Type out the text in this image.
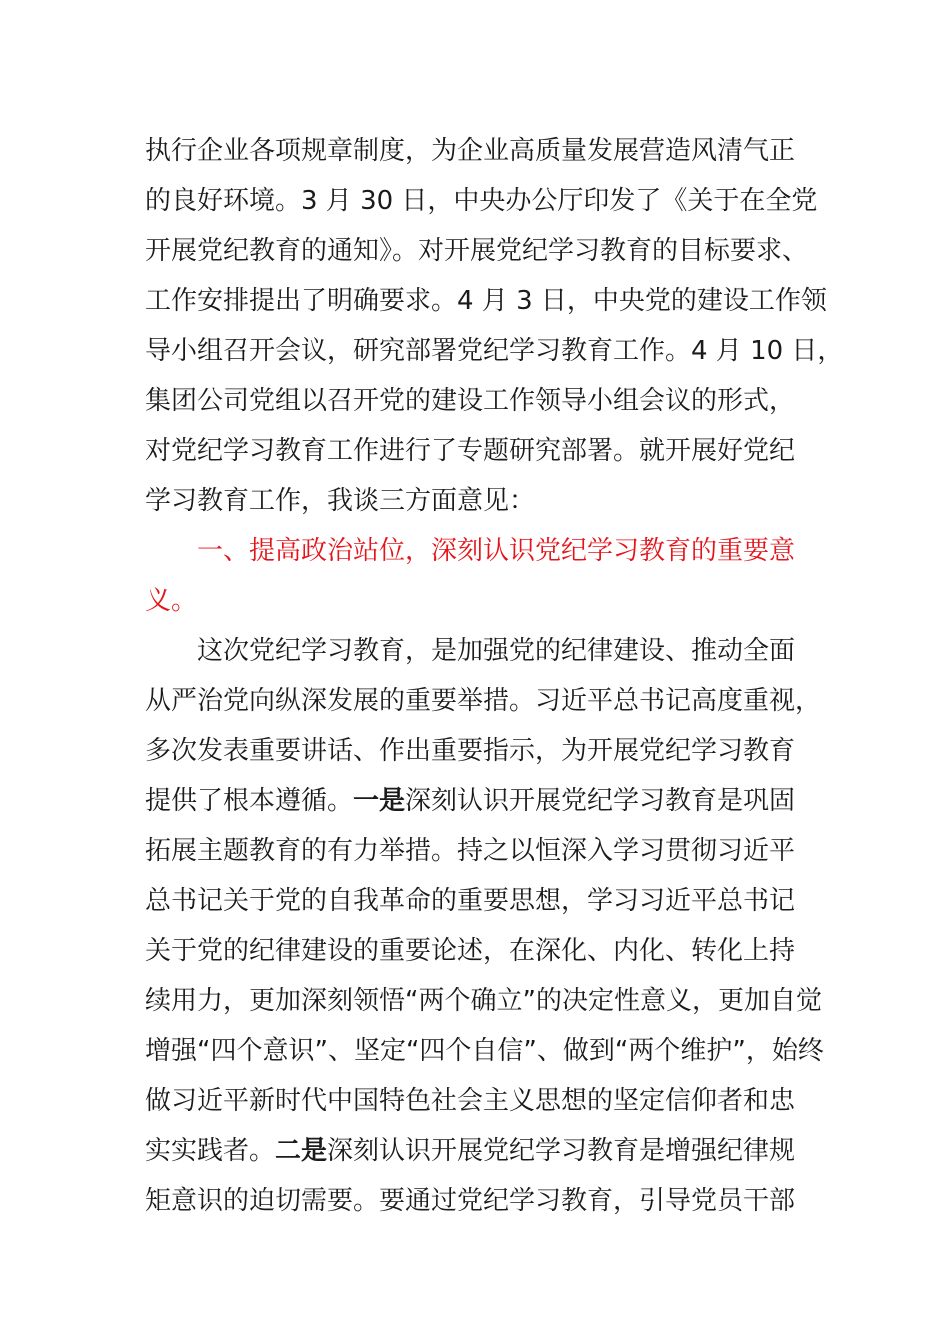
执行企业各项规章制度，为企业高质量发展营造风清气正
的良好环境。3 月 30 日，中央办公厅印发了《关于在全党
开展党纪教育的通知》。对开展党纪学习教育的目标要求、
工作安排提出了明确要求。4 月 3 日，中央党的建设工作领
导小组召开会议，研究部署党纪学习教育工作。4 月 10 日，
集团公司党组以召开党的建设工作领导小组会议的形式，
对党纪学习教育工作进行了专题研究部署。就开展好党纪
学习教育工作，我谈三方面意见：
一、提高政治站位，深刻认识党纪学习教育的重要意
义。
这次党纪学习教育，是加强党的纪律建设、推动全面
从严治党向纵深发展的重要举措。习近平总书记高度重视，
多次发表重要讲话、作出重要指示，为开展党纪学习教育
提供了根本遵循。一是深刻认识开展党纪学习教育是巩固
拓展主题教育的有力举措。持之以恒深入学习贯彻习近平
总书记关于党的自我革命的重要思想，学习习近平总书记
关于党的纪律建设的重要论述，在深化、内化、转化上持
续用力，更加深刻领悟“两个确立”的决定性意义，更加自觉
增强“四个意识”、坚定“四个自信”、做到“两个维护”，始终
做习近平新时代中国特色社会主义思想的坚定信仰者和忠
实实践者。二是深刻认识开展党纪学习教育是增强纪律规
矩意识的迫切需要。要通过党纪学习教育，引导党员干部
